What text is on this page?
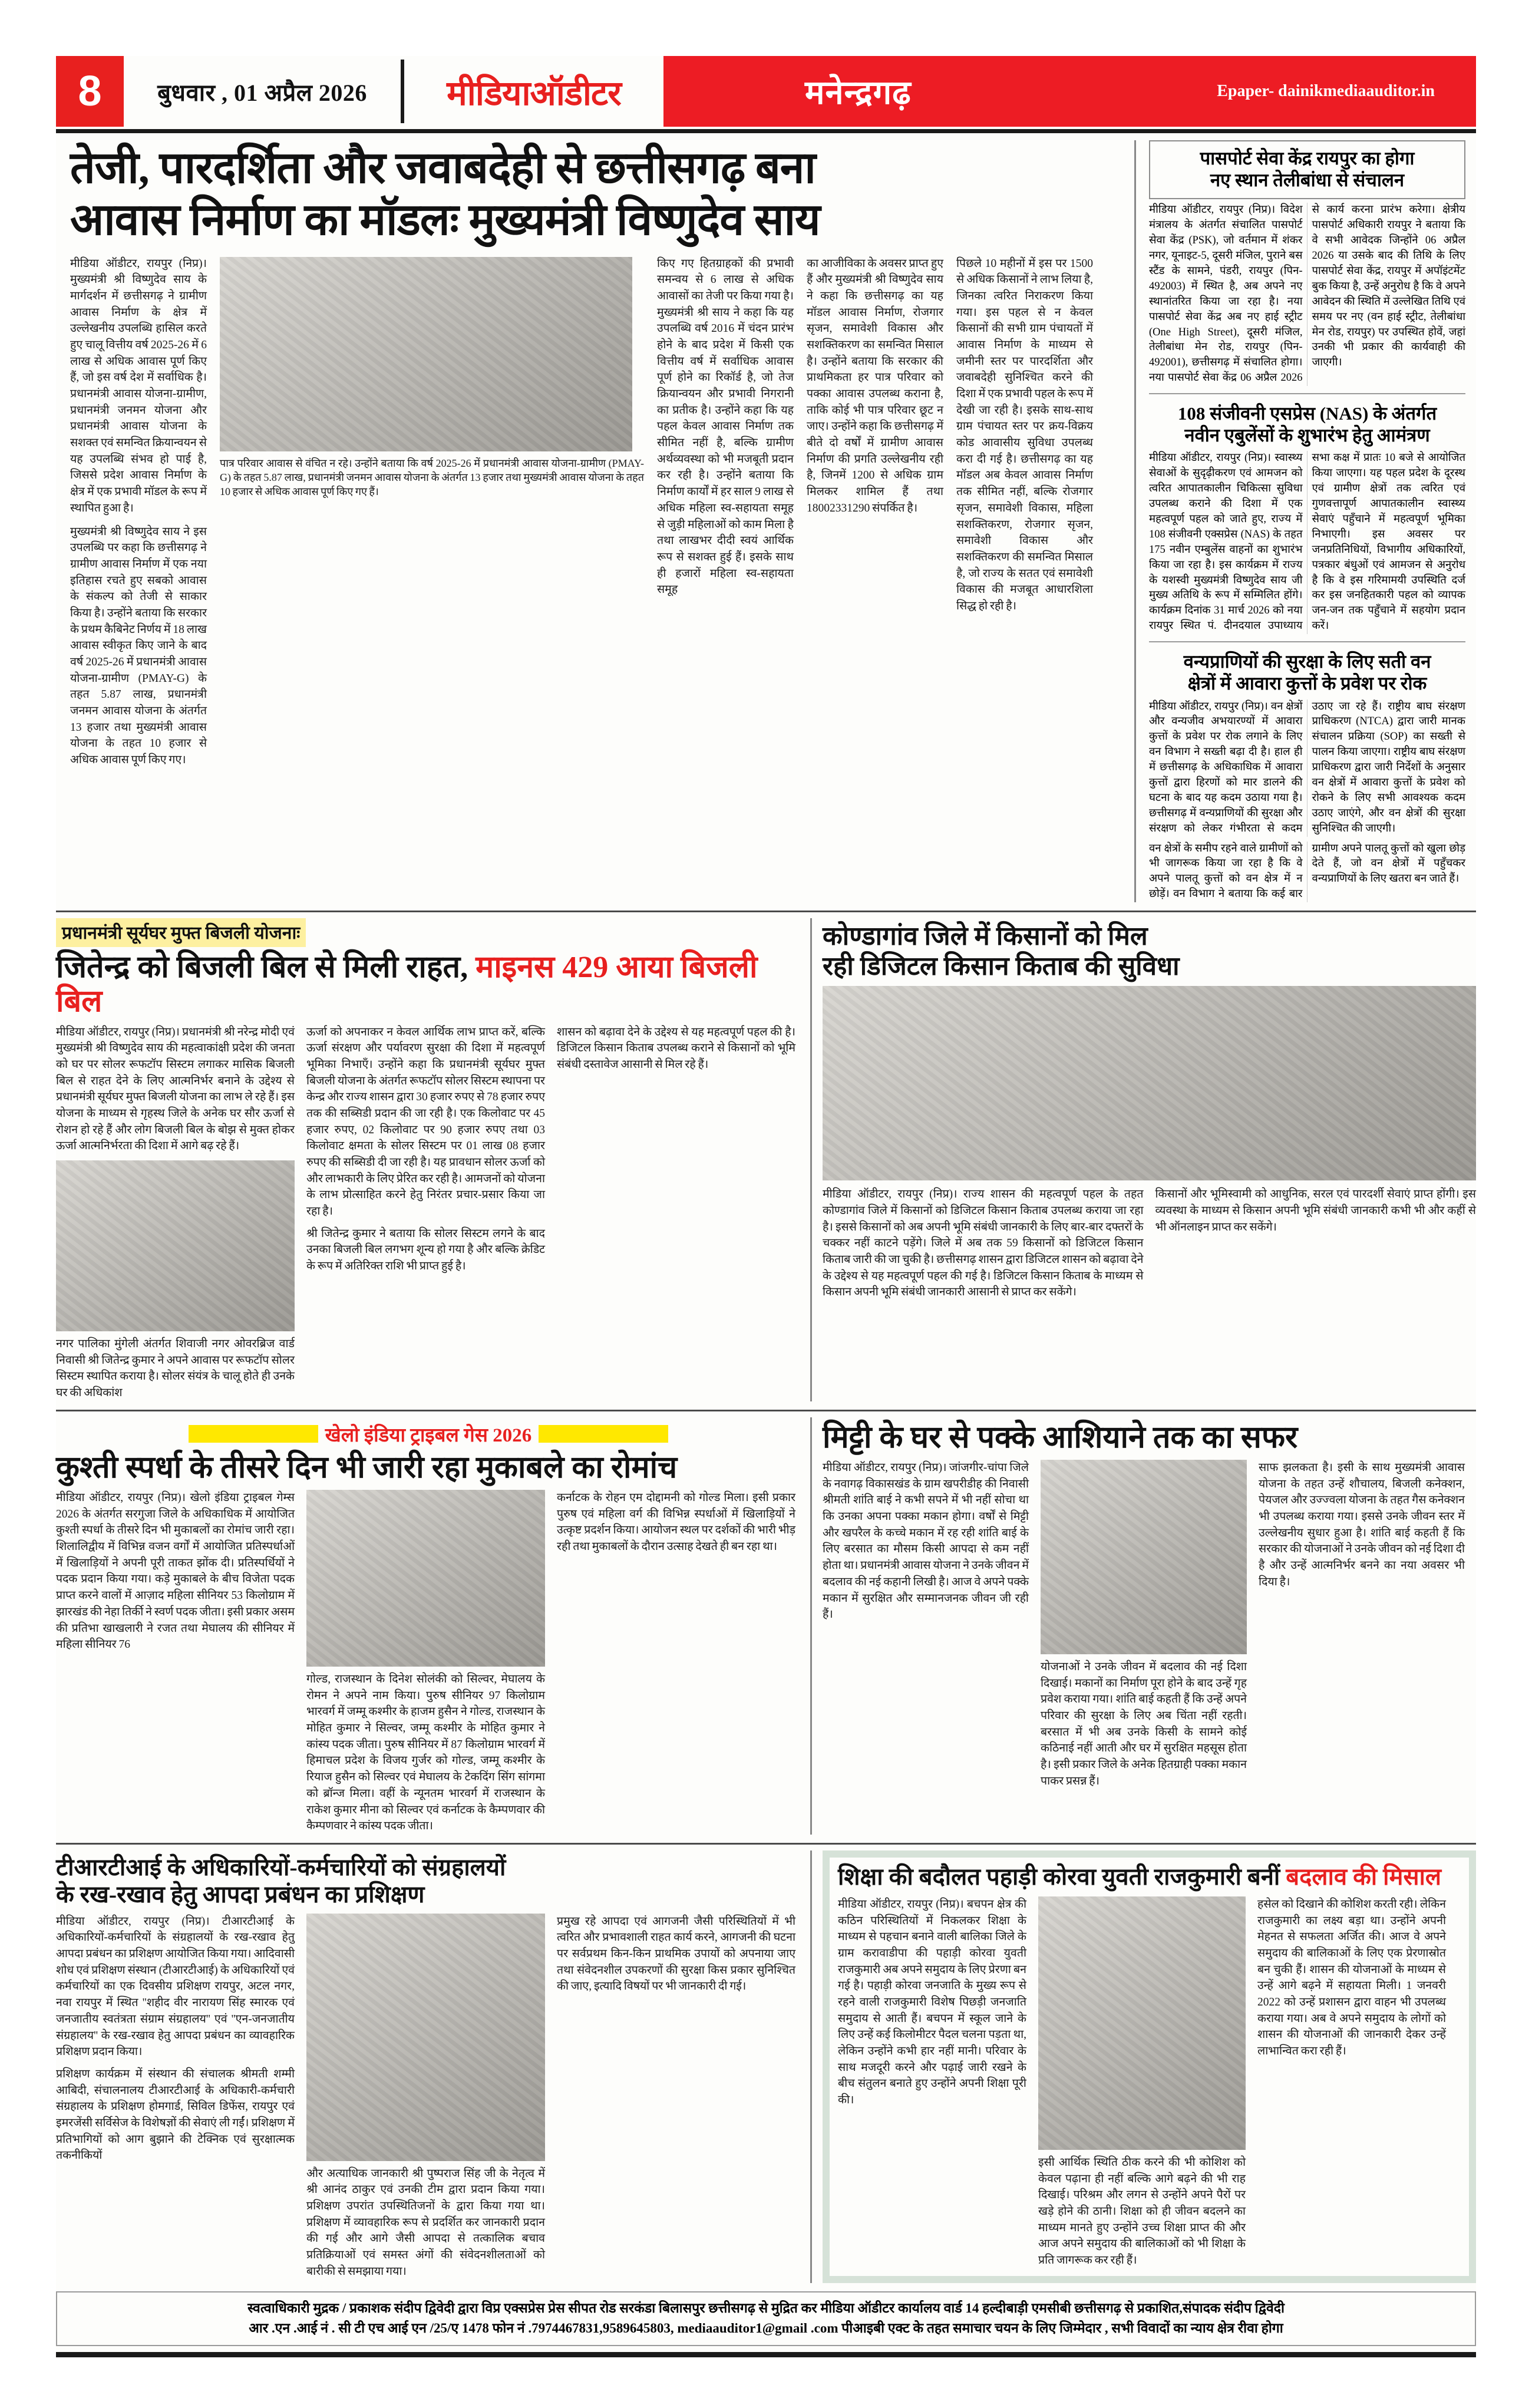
8	बुधवार , 01 अप्रैल 2026	मीडियाऑडीटर	मनेन्द्रगढ़	Epaper- dainikmediaauditor.in
तेजी, पारदर्शिता और जवाबदेही से छत्तीसगढ़ बना
आवास निर्माण का मॉडलः मुख्यमंत्री विष्णुदेव साय

मीडिया ऑडीटर, रायपुर (निप्र)। मुख्यमंत्री श्री विष्णुदेव साय के मार्गदर्शन में छत्तीसगढ़ ने ग्रामीण आवास निर्माण के क्षेत्र में उल्लेखनीय उपलब्धि हासिल करते हुए चालू वित्तीय वर्ष 2025-26 में 6 लाख से अधिक आवास पूर्ण किए हैं, जो इस वर्ष देश में सर्वाधिक है। प्रधानमंत्री आवास योजना-ग्रामीण, प्रधानमंत्री जनमन योजना और प्रधानमंत्री आवास योजना के सशक्त एवं समन्वित क्रियान्वयन से यह उपलब्धि संभव हो पाई है, जिससे प्रदेश आवास निर्माण के क्षेत्र में एक प्रभावी मॉडल के रूप में स्थापित हुआ है।

मुख्यमंत्री श्री विष्णुदेव साय ने इस उपलब्धि पर कहा कि छत्तीसगढ़ ने ग्रामीण आवास निर्माण में एक नया इतिहास रचते हुए सबको आवास के संकल्प को तेजी से साकार किया है। उन्होंने बताया कि सरकार के प्रथम कैबिनेट निर्णय में 18 लाख आवास स्वीकृत किए जाने के बाद वर्ष 2025-26 में प्रधानमंत्री आवास योजना-ग्रामीण (PMAY-G) के तहत 5.87 लाख, प्रधानमंत्री जनमन आवास योजना के अंतर्गत 13 हजार तथा मुख्यमंत्री आवास योजना के तहत 10 हजार से अधिक आवास पूर्ण किए गए।

पात्र परिवार आवास से वंचित न रहे। उन्होंने बताया कि वर्ष 2025-26 में प्रधानमंत्री आवास योजना-ग्रामीण (PMAY-G) के तहत 5.87 लाख, प्रधानमंत्री जनमन आवास योजना के अंतर्गत 13 हजार तथा मुख्यमंत्री आवास योजना के तहत 10 हजार से अधिक आवास पूर्ण किए गए हैं।

किए गए हितग्राहकों की प्रभावी समन्वय से 6 लाख से अधिक आवासों का तेजी पर किया गया है। मुख्यमंत्री श्री साय ने कहा कि यह उपलब्धि वर्ष 2016 में चंदन प्रारंभ होने के बाद प्रदेश में किसी एक वित्तीय वर्ष में सर्वाधिक आवास पूर्ण होने का रिकॉर्ड है, जो तेज क्रियान्वयन और प्रभावी निगरानी का प्रतीक है। उन्होंने कहा कि यह पहल केवल आवास निर्माण तक सीमित नहीं है, बल्कि ग्रामीण अर्थव्यवस्था को भी मजबूती प्रदान कर रही है। उन्होंने बताया कि निर्माण कार्यों में हर साल 9 लाख से अधिक महिला स्व-सहायता समूह से जुड़ी महिलाओं को काम मिला है तथा लाखभर दीदी स्वयं आर्थिक रूप से सशक्त हुई हैं। इसके साथ ही हजारों महिला स्व-सहायता समूह

का आजीविका के अवसर प्राप्त हुए हैं और मुख्यमंत्री श्री विष्णुदेव साय ने कहा कि छत्तीसगढ़ का यह मॉडल आवास निर्माण, रोजगार सृजन, समावेशी विकास और सशक्तिकरण का समन्वित मिसाल है। उन्होंने बताया कि सरकार की प्राथमिकता हर पात्र परिवार को पक्का आवास उपलब्ध कराना है, ताकि कोई भी पात्र परिवार छूट न जाए। उन्होंने कहा कि छत्तीसगढ़ में बीते दो वर्षों में ग्रामीण आवास निर्माण की प्रगति उल्लेखनीय रही है, जिनमें 1200 से अधिक ग्राम मिलकर शामिल हैं तथा 18002331290 संपर्कित है।

पिछले 10 महीनों में इस पर 1500 से अधिक किसानों ने लाभ लिया है, जिनका त्वरित निराकरण किया गया। इस पहल से न केवल किसानों की सभी ग्राम पंचायतों में आवास निर्माण के माध्यम से जमीनी स्तर पर पारदर्शिता और जवाबदेही सुनिश्चित करने की दिशा में एक प्रभावी पहल के रूप में देखी जा रही है। इसके साथ-साथ ग्राम पंचायत स्तर पर क्रय-विक्रय कोड आवासीय सुविधा उपलब्ध करा दी गई है। छत्तीसगढ़ का यह मॉडल अब केवल आवास निर्माण तक सीमित नहीं, बल्कि रोजगार सृजन, समावेशी विकास, महिला सशक्तिकरण, रोजगार सृजन, समावेशी विकास और सशक्तिकरण की समन्वित मिसाल है, जो राज्य के सतत एवं समावेशी विकास की मजबूत आधारशिला सिद्ध हो रही है।

पासपोर्ट सेवा केंद्र रायपुर का होगा
नए स्थान तेलीबांधा से संचालन
मीडिया ऑडीटर, रायपुर (निप्र)। विदेश मंत्रालय के अंतर्गत संचालित पासपोर्ट सेवा केंद्र (PSK), जो वर्तमान में शंकर नगर, यूनाइट-5, दूसरी मंजिल, पुराने बस स्टैंड के सामने, पंडरी, रायपुर (पिन- 492003) में स्थित है, अब अपने नए स्थानांतरित किया जा रहा है। नया पासपोर्ट सेवा केंद्र अब नए हाई स्ट्रीट (One High Street), दूसरी मंजिल, तेलीबांधा मेन रोड, रायपुर (पिन- 492001), छत्तीसगढ़ में संचालित होगा। नया पासपोर्ट सेवा केंद्र 06 अप्रैल 2026 से कार्य करना प्रारंभ करेगा। क्षेत्रीय पासपोर्ट अधिकारी रायपुर ने बताया कि वे सभी आवेदक जिन्होंने 06 अप्रैल 2026 या उसके बाद की तिथि के लिए पासपोर्ट सेवा केंद्र, रायपुर में अपॉइंटमेंट बुक किया है, उन्हें अनुरोध है कि वे अपने आवेदन की स्थिति में उल्लेखित तिथि एवं समय पर नए (वन हाई स्ट्रीट, तेलीबांधा मेन रोड, रायपुर) पर उपस्थित होवें, जहां उनकी भी प्रकार की कार्यवाही की जाएगी।
108 संजीवनी एसप्रेस (NAS) के अंतर्गत
नवीन एबुलेंसों के शुभारंभ हेतु आमंत्रण
मीडिया ऑडीटर, रायपुर (निप्र)। स्वास्थ्य सेवाओं के सुदृढ़ीकरण एवं आमजन को त्वरित आपातकालीन चिकित्सा सुविधा उपलब्ध कराने की दिशा में एक महत्वपूर्ण पहल को जाते हुए, राज्य में 108 संजीवनी एक्सप्रेस (NAS) के तहत 175 नवीन एम्बुलेंस वाहनों का शुभारंभ किया जा रहा है। इस कार्यक्रम में राज्य के यशस्वी मुख्यमंत्री विष्णुदेव साय जी मुख्य अतिथि के रूप में सम्मिलित होंगे। कार्यक्रम दिनांक 31 मार्च 2026 को नया रायपुर स्थित पं. दीनदयाल उपाध्याय सभा कक्ष में प्रातः 10 बजे से आयोजित किया जाएगा। यह पहल प्रदेश के दूरस्थ एवं ग्रामीण क्षेत्रों तक त्वरित एवं गुणवत्तापूर्ण आपातकालीन स्वास्थ्य सेवाएं पहुँचाने में महत्वपूर्ण भूमिका निभाएगी। इस अवसर पर जनप्रतिनिधियों, विभागीय अधिकारियों, पत्रकार बंधुओं एवं आमजन से अनुरोध है कि वे इस गरिमामयी उपस्थिति दर्ज कर इस जनहितकारी पहल को व्यापक जन-जन तक पहुँचाने में सहयोग प्रदान करें।
वन्यप्राणियों की सुरक्षा के लिए सती वन
क्षेत्रों में आवारा कुत्तों के प्रवेश पर रोक
मीडिया ऑडीटर, रायपुर (निप्र)। वन क्षेत्रों और वन्यजीव अभयारण्यों में आवारा कुत्तों के प्रवेश पर रोक लगाने के लिए वन विभाग ने सख्ती बढ़ा दी है। हाल ही में छत्तीसगढ़ के अधिकाधिक में आवारा कुत्तों द्वारा हिरणों को मार डालने की घटना के बाद यह कदम उठाया गया है। छत्तीसगढ़ में वन्यप्राणियों की सुरक्षा और संरक्षण को लेकर गंभीरता से कदम उठाए जा रहे हैं। राष्ट्रीय बाघ संरक्षण प्राधिकरण (NTCA) द्वारा जारी मानक संचालन प्रक्रिया (SOP) का सख्ती से पालन किया जाएगा। राष्ट्रीय बाघ संरक्षण प्राधिकरण द्वारा जारी निर्देशों के अनुसार वन क्षेत्रों में आवारा कुत्तों के प्रवेश को रोकने के लिए सभी आवश्यक कदम उठाए जाएंगे, और वन क्षेत्रों की सुरक्षा सुनिश्चित की जाएगी।
वन क्षेत्रों के समीप रहने वाले ग्रामीणों को भी जागरूक किया जा रहा है कि वे अपने पालतू कुत्तों को वन क्षेत्र में न छोड़ें। वन विभाग ने बताया कि कई बार ग्रामीण अपने पालतू कुत्तों को खुला छोड़ देते हैं, जो वन क्षेत्रों में पहुँचकर वन्यप्राणियों के लिए खतरा बन जाते हैं।
प्रधानमंत्री सूर्यघर मुफ्त बिजली योजनाः
जितेन्द्र को बिजली बिल से मिली राहत, माइनस 429 आया बिजली बिल

मीडिया ऑडीटर, रायपुर (निप्र)। प्रधानमंत्री श्री नरेन्द्र मोदी एवं मुख्यमंत्री श्री विष्णुदेव साय की महत्वाकांक्षी प्रदेश की जनता को घर पर सोलर रूफटॉप सिस्टम लगाकर मासिक बिजली बिल से राहत देने के लिए आत्मनिर्भर बनाने के उद्देश्य से प्रधानमंत्री सूर्यघर मुफ्त बिजली योजना का लाभ ले रहे हैं। इस योजना के माध्यम से गृहस्थ जिले के अनेक घर सौर ऊर्जा से रोशन हो रहे हैं और लोग बिजली बिल के बोझ से मुक्त होकर ऊर्जा आत्मनिर्भरता की दिशा में आगे बढ़ रहे हैं।

नगर पालिका मुंगेली अंतर्गत शिवाजी नगर ओवरब्रिज वार्ड निवासी श्री जितेन्द्र कुमार ने अपने आवास पर रूफटॉप सोलर सिस्टम स्थापित कराया है। सोलर संयंत्र के चालू होते ही उनके घर की अधिकांश

ऊर्जा को अपनाकर न केवल आर्थिक लाभ प्राप्त करें, बल्कि ऊर्जा संरक्षण और पर्यावरण सुरक्षा की दिशा में महत्वपूर्ण भूमिका निभाएँ। उन्होंने कहा कि प्रधानमंत्री सूर्यघर मुफ्त बिजली योजना के अंतर्गत रूफटॉप सोलर सिस्टम स्थापना पर केन्द्र और राज्य शासन द्वारा 30 हजार रुपए से 78 हजार रुपए तक की सब्सिडी प्रदान की जा रही है। एक किलोवाट पर 45 हजार रुपए, 02 किलोवाट पर 90 हजार रुपए तथा 03 किलोवाट क्षमता के सोलर सिस्टम पर 01 लाख 08 हजार रुपए की सब्सिडी दी जा रही है। यह प्रावधान सोलर ऊर्जा को और लाभकारी के लिए प्रेरित कर रही है। आमजनों को योजना के लाभ प्रोत्साहित करने हेतु निरंतर प्रचार-प्रसार किया जा रहा है।

श्री जितेन्द्र कुमार ने बताया कि सोलर सिस्टम लगने के बाद उनका बिजली बिल लगभग शून्य हो गया है और बल्कि क्रेडिट के रूप में अतिरिक्त राशि भी प्राप्त हुई है।

शासन को बढ़ावा देने के उद्देश्य से यह महत्वपूर्ण पहल की है। डिजिटल किसान किताब उपलब्ध कराने से किसानों को भूमि संबंधी दस्तावेज आसानी से मिल रहे हैं।

कोण्डागांव जिले में किसानों को मिल
रही डिजिटल किसान किताब की सुविधा

मीडिया ऑडीटर, रायपुर (निप्र)। राज्य शासन की महत्वपूर्ण पहल के तहत कोण्डागांव जिले में किसानों को डिजिटल किसान किताब उपलब्ध कराया जा रहा है। इससे किसानों को अब अपनी भूमि संबंधी जानकारी के लिए बार-बार दफ्तरों के चक्कर नहीं काटने पड़ेंगे। जिले में अब तक 59 किसानों को डिजिटल किसान किताब जारी की जा चुकी है। छत्तीसगढ़ शासन द्वारा डिजिटल शासन को बढ़ावा देने के उद्देश्य से यह महत्वपूर्ण पहल की गई है। डिजिटल किसान किताब के माध्यम से किसान अपनी भूमि संबंधी जानकारी आसानी से प्राप्त कर सकेंगे।

किसानों और भूमिस्वामी को आधुनिक, सरल एवं पारदर्शी सेवाएं प्राप्त होंगी। इस व्यवस्था के माध्यम से किसान अपनी भूमि संबंधी जानकारी कभी भी और कहीं से भी ऑनलाइन प्राप्त कर सकेंगे।

खेलो इंडिया ट्राइबल गेस 2026
कुश्ती स्पर्धा के तीसरे दिन भी जारी रहा मुकाबले का रोमांच

मीडिया ऑडीटर, रायपुर (निप्र)। खेलो इंडिया ट्राइबल गेम्स 2026 के अंतर्गत सरगुजा जिले के अधिकाधिक में आयोजित कुश्ती स्पर्धा के तीसरे दिन भी मुकाबलों का रोमांच जारी रहा। शिलालिद्वीय में विभिन्न वजन वर्गों में आयोजित प्रतिस्पर्धाओं में खिलाड़ियों ने अपनी पूरी ताकत झोंक दी। प्रतिस्पर्धियों ने पदक प्रदान किया गया। कड़े मुकाबले के बीच विजेता पदक प्राप्त करने वालों में आज़ाद महिला सीनियर 53 किलोग्राम में झारखंड की नेहा तिर्की ने स्वर्ण पदक जीता। इसी प्रकार असम की प्रतिभा खाखलारी ने रजत तथा मेघालय की सीनियर में महिला सीनियर 76

गोल्ड, राजस्थान के दिनेश सोलंकी को सिल्वर, मेघालय के रोमन ने अपने नाम किया। पुरुष सीनियर 97 किलोग्राम भारवर्ग में जम्मू कश्मीर के हाजम हुसैन ने गोल्ड, राजस्थान के मोहित कुमार ने सिल्वर, जम्मू कश्मीर के मोहित कुमार ने कांस्य पदक जीता। पुरुष सीनियर में 87 किलोग्राम भारवर्ग में हिमाचल प्रदेश के विजय गुर्जर को गोल्ड, जम्मू कश्मीर के रियाज हुसैन को सिल्वर एवं मेघालय के टेकदिंग सिंग सांगमा को ब्रॉन्ज मिला। वहीं के न्यूनतम भारवर्ग में राजस्थान के राकेश कुमार मीना को सिल्वर एवं कर्नाटक के कैम्पणवार की कैम्पणवार ने कांस्य पदक जीता।

कर्नाटक के रोहन एम दोद्दामनी को गोल्ड मिला। इसी प्रकार पुरुष एवं महिला वर्ग की विभिन्न स्पर्धाओं में खिलाड़ियों ने उत्कृष्ट प्रदर्शन किया। आयोजन स्थल पर दर्शकों की भारी भीड़ रही तथा मुकाबलों के दौरान उत्साह देखते ही बन रहा था।

मिट्टी के घर से पक्के आशियाने तक का सफर

मीडिया ऑडीटर, रायपुर (निप्र)। जांजगीर-चांपा जिले के नवागढ़ विकासखंड के ग्राम खपरीडीह की निवासी श्रीमती शांति बाई ने कभी सपने में भी नहीं सोचा था कि उनका अपना पक्का मकान होगा। वर्षों से मिट्टी और खपरैल के कच्चे मकान में रह रही शांति बाई के लिए बरसात का मौसम किसी आपदा से कम नहीं होता था। प्रधानमंत्री आवास योजना ने उनके जीवन में बदलाव की नई कहानी लिखी है। आज वे अपने पक्के मकान में सुरक्षित और सम्मानजनक जीवन जी रही हैं।

योजनाओं ने उनके जीवन में बदलाव की नई दिशा दिखाई। मकानों का निर्माण पूरा होने के बाद उन्हें गृह प्रवेश कराया गया। शांति बाई कहती हैं कि उन्हें अपने परिवार की सुरक्षा के लिए अब चिंता नहीं रहती। बरसात में भी अब उनके किसी के सामने कोई कठिनाई नहीं आती और घर में सुरक्षित महसूस होता है। इसी प्रकार जिले के अनेक हितग्राही पक्का मकान पाकर प्रसन्न हैं।

साफ झलकता है। इसी के साथ मुख्यमंत्री आवास योजना के तहत उन्हें शौचालय, बिजली कनेक्शन, पेयजल और उज्ज्वला योजना के तहत गैस कनेक्शन भी उपलब्ध कराया गया। इससे उनके जीवन स्तर में उल्लेखनीय सुधार हुआ है। शांति बाई कहती हैं कि सरकार की योजनाओं ने उनके जीवन को नई दिशा दी है और उन्हें आत्मनिर्भर बनने का नया अवसर भी दिया है।

टीआरटीआई के अधिकारियों-कर्मचारियों को संग्रहालयों
के रख-रखाव हेतु आपदा प्रबंधन का प्रशिक्षण

मीडिया ऑडीटर, रायपुर (निप्र)। टीआरटीआई के अधिकारियों-कर्मचारियों के संग्रहालयों के रख-रखाव हेतु आपदा प्रबंधन का प्रशिक्षण आयोजित किया गया। आदिवासी शोध एवं प्रशिक्षण संस्थान (टीआरटीआई) के अधिकारियों एवं कर्मचारियों का एक दिवसीय प्रशिक्षण रायपुर, अटल नगर, नवा रायपुर में स्थित ''शहीद वीर नारायण सिंह स्मारक एवं जनजातीय स्वतंत्रता संग्राम संग्रहालय'' एवं ''एन-जनजातीय संग्रहालय'' के रख-रखाव हेतु आपदा प्रबंधन का व्यावहारिक प्रशिक्षण प्रदान किया।

प्रशिक्षण कार्यक्रम में संस्थान की संचालक श्रीमती शम्मी आबिदी, संचालनालय टीआरटीआई के अधिकारी-कर्मचारी संग्रहालय के प्रशिक्षण होमगार्ड, सिविल डिफेंस, रायपुर एवं इमरजेंसी सर्विसेज के विशेषज्ञों की सेवाएं ली गईं। प्रशिक्षण में प्रतिभागियों को आग बुझाने की टेक्निक एवं सुरक्षात्मक तकनीकियों

और अत्याधिक जानकारी श्री पुष्पराज सिंह जी के नेतृत्व में श्री आनंद ठाकुर एवं उनकी टीम द्वारा प्रदान किया गया। प्रशिक्षण उपरांत उपस्थितिजनों के द्वारा किया गया था। प्रशिक्षण में व्यावहारिक रूप से प्रदर्शित कर जानकारी प्रदान की गई और आगे जैसी आपदा से तत्कालिक बचाव प्रतिक्रियाओं एवं समस्त अंगों की संवेदनशीलताओं को बारीकी से समझाया गया।

प्रमुख रहे आपदा एवं आगजनी जैसी परिस्थितियों में भी त्वरित और प्रभावशाली राहत कार्य करने, आगजनी की घटना पर सर्वप्रथम किन-किन प्राथमिक उपायों को अपनाया जाए तथा संवेदनशील उपकरणों की सुरक्षा किस प्रकार सुनिश्चित की जाए, इत्यादि विषयों पर भी जानकारी दी गई।

शिक्षा की बदौलत पहाड़ी कोरवा युवती राजकुमारी बनीं बदलाव की मिसाल

मीडिया ऑडीटर, रायपुर (निप्र)। बचपन क्षेत्र की कठिन परिस्थितियों में निकलकर शिक्षा के माध्यम से पहचान बनाने वाली बालिका जिले के ग्राम करावाडीपा की पहाड़ी कोरवा युवती राजकुमारी अब अपने समुदाय के लिए प्रेरणा बन गई है। पहाड़ी कोरवा जनजाति के मुख्य रूप से रहने वाली राजकुमारी विशेष पिछड़ी जनजाति समुदाय से आती हैं। बचपन में स्कूल जाने के लिए उन्हें कई किलोमीटर पैदल चलना पड़ता था, लेकिन उन्होंने कभी हार नहीं मानी। परिवार के साथ मजदूरी करने और पढ़ाई जारी रखने के बीच संतुलन बनाते हुए उन्होंने अपनी शिक्षा पूरी की।

इसी आर्थिक स्थिति ठीक करने की भी कोशिश को केवल पढ़ाना ही नहीं बल्कि आगे बढ़ने की भी राह दिखाई। परिश्रम और लगन से उन्होंने अपने पैरों पर खड़े होने की ठानी। शिक्षा को ही जीवन बदलने का माध्यम मानते हुए उन्होंने उच्च शिक्षा प्राप्त की और आज अपने समुदाय की बालिकाओं को भी शिक्षा के प्रति जागरूक कर रही हैं।

हसेल को दिखाने की कोशिश करती रही। लेकिन राजकुमारी का लक्ष्य बड़ा था। उन्होंने अपनी मेहनत से सफलता अर्जित की। आज वे अपने समुदाय की बालिकाओं के लिए एक प्रेरणास्रोत बन चुकी हैं। शासन की योजनाओं के माध्यम से उन्हें आगे बढ़ने में सहायता मिली। 1 जनवरी 2022 को उन्हें प्रशासन द्वारा वाहन भी उपलब्ध कराया गया। अब वे अपने समुदाय के लोगों को शासन की योजनाओं की जानकारी देकर उन्हें लाभान्वित करा रही हैं।

स्वत्वाधिकारी मुद्रक / प्रकाशक संदीप द्विवेदी द्वारा विप्र एक्सप्रेस प्रेस सीपत रोड सरकंडा बिलासपुर छत्तीसगढ़ से मुद्रित कर मीडिया ऑडीटर कार्यालय वार्ड 14 हल्दीबाड़ी एमसीबी छत्तीसगढ़ से प्रकाशित,संपादक संदीप द्विवेदी
आर .एन .आई नं . सी टी एच आई एन /25/ए 1478 फोन नं .7974467831,9589645803, mediaauditor1@gmail .com पीआइबी एक्ट के तहत समाचार चयन के लिए जिम्मेदार , सभी विवादों का न्याय क्षेत्र रीवा होगा
